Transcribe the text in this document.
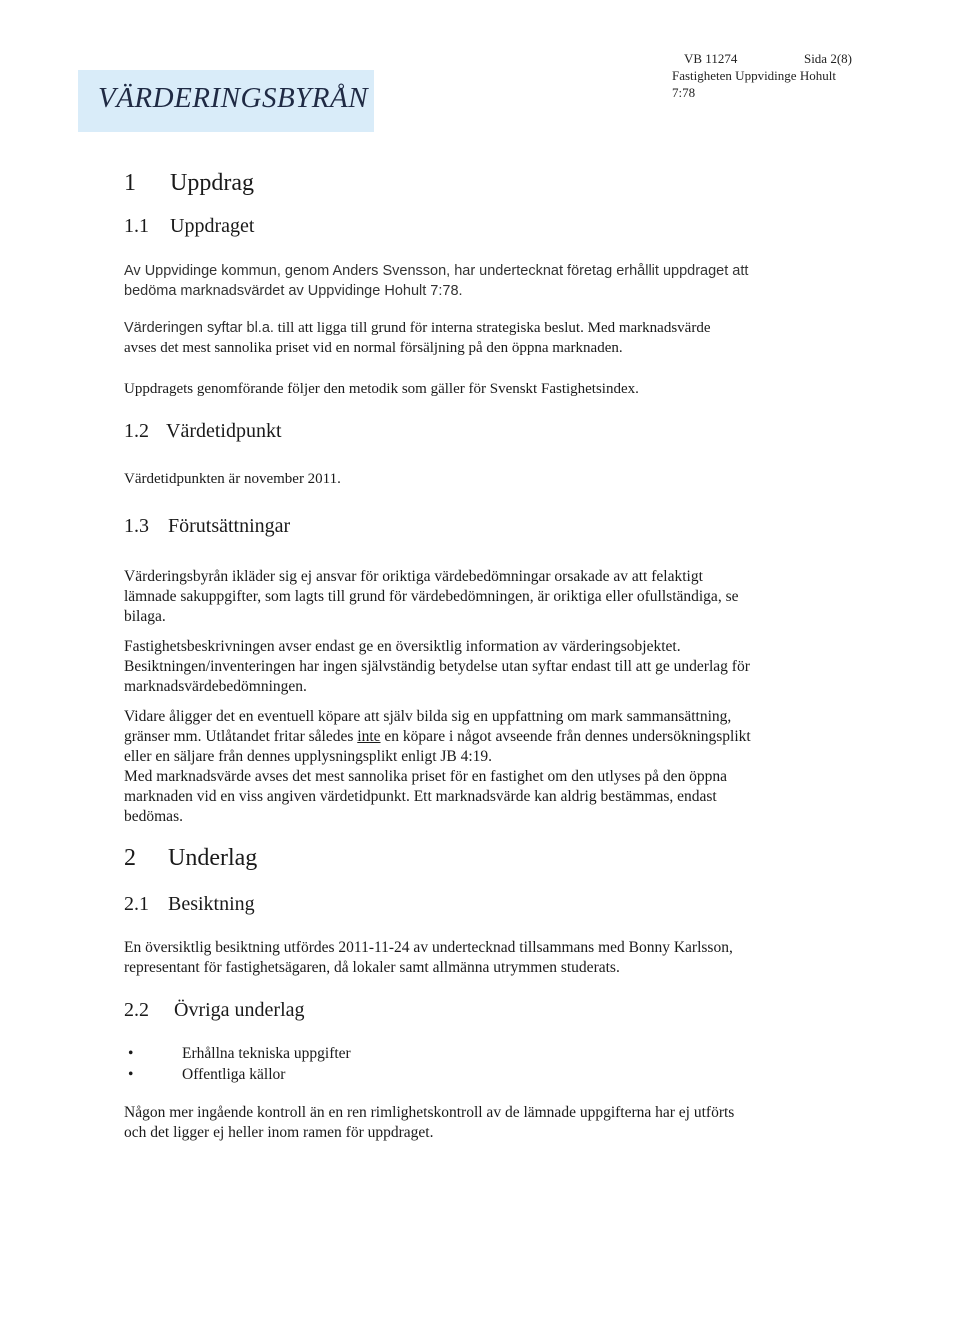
VÄRDERINGSBYRÅN
VB 11274	Sida 2(8)
Fastigheten Uppvidinge Hohult 7:78
1 Uppdrag
1.1 Uppdraget

Av Uppvidinge kommun, genom Anders Svensson, har undertecknat företag erhållit uppdraget att
bedöma marknadsvärdet av Uppvidinge Hohult 7:78.

Värderingen syftar bl.a. till att ligga till grund för interna strategiska beslut. Med marknadsvärde
avses det mest sannolika priset vid en normal försäljning på den öppna marknaden.

Uppdragets genomförande följer den metodik som gäller för Svenskt Fastighetsindex.

1.2 Värdetidpunkt

Värdetidpunkten är november 2011.

1.3 Förutsättningar

Värderingsbyrån ikläder sig ej ansvar för oriktiga värdebedömningar orsakade av att felaktigt
lämnade sakuppgifter, som lagts till grund för värdebedömningen, är oriktiga eller ofullständiga, se
bilaga.

Fastighetsbeskrivningen avser endast ge en översiktlig information av värderingsobjektet.
Besiktningen/inventeringen har ingen självständig betydelse utan syftar endast till att ge underlag för
marknadsvärdebedömningen.

Vidare åligger det en eventuell köpare att själv bilda sig en uppfattning om mark sammansättning,
gränser mm. Utlåtandet fritar således inte en köpare i något avseende från dennes undersökningsplikt
eller en säljare från dennes upplysningsplikt enligt JB 4:19.
Med marknadsvärde avses det mest sannolika priset för en fastighet om den utlyses på den öppna
marknaden vid en viss angiven värdetidpunkt. Ett marknadsvärde kan aldrig bestämmas, endast
bedömas.

2 Underlag
2.1 Besiktning

En översiktlig besiktning utfördes 2011-11-24 av undertecknad tillsammans med Bonny Karlsson,
representant för fastighetsägaren, då lokaler samt allmänna utrymmen studerats.

2.2 Övriga underlag
•	Erhållna tekniska uppgifter
•	Offentliga källor

Någon mer ingående kontroll än en ren rimlighetskontroll av de lämnade uppgifterna har ej utförts
och det ligger ej heller inom ramen för uppdraget.
